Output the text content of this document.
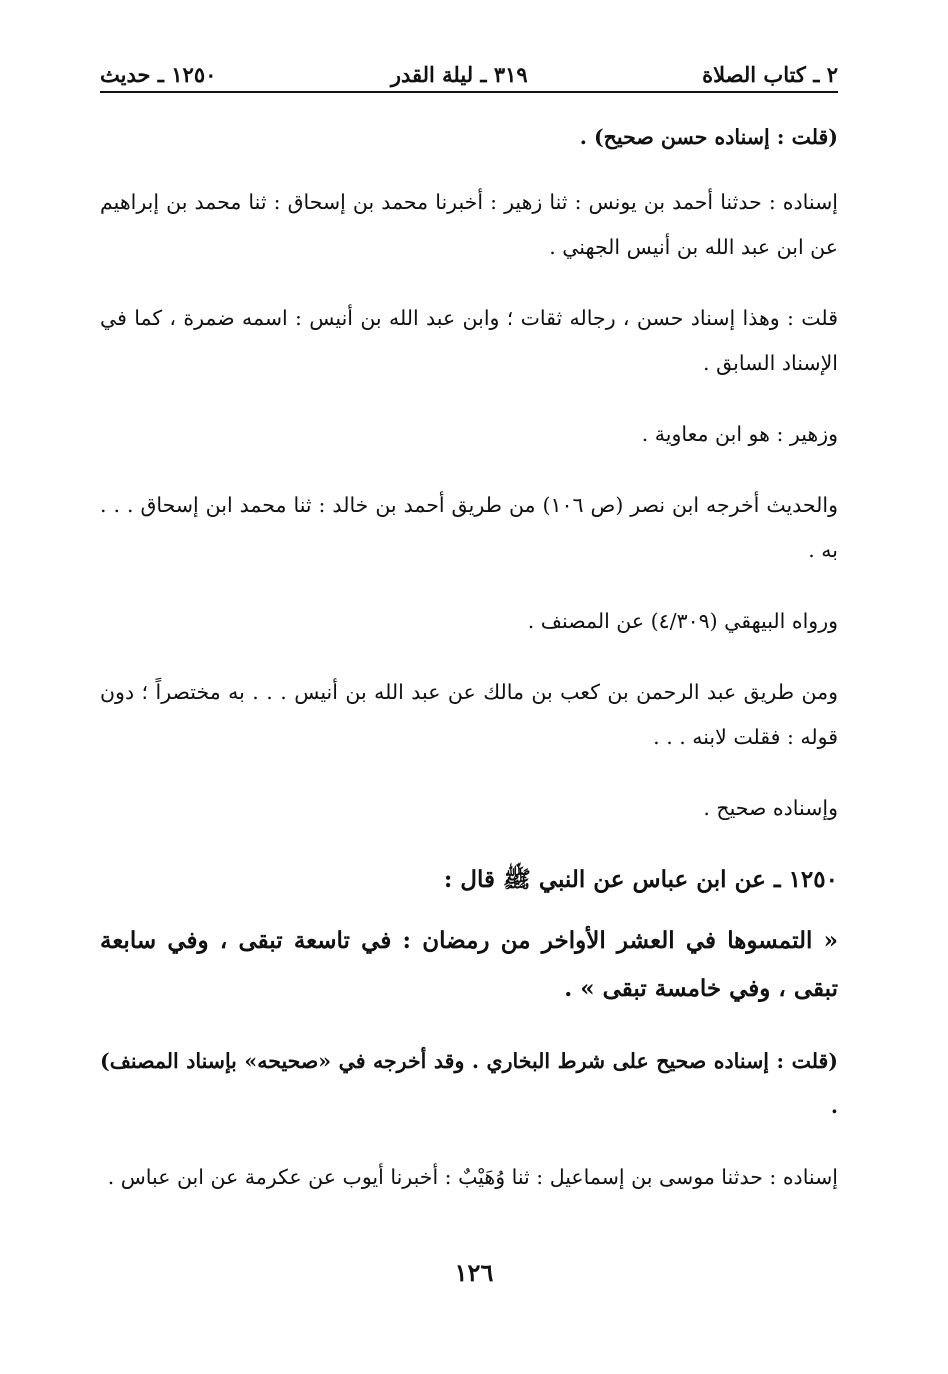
٢ ـ كتاب الصلاة
٣١٩ ـ ليلة القدر
١٢٥٠ ـ حديث

(قلت : إسناده حسن صحيح) .

إسناده : حدثنا أحمد بن يونس : ثنا زهير : أخبرنا محمد بن إسحاق : ثنا محمد بن إبراهيم عن ابن عبد الله بن أنيس الجهني .

قلت : وهذا إسناد حسن ، رجاله ثقات ؛ وابن عبد الله بن أنيس : اسمه ضمرة ، كما في الإسناد السابق .

وزهير : هو ابن معاوية .

والحديث أخرجه ابن نصر (ص ١٠٦) من طريق أحمد بن خالد : ثنا محمد ابن إسحاق . . . به .

ورواه البيهقي (٤/٣٠٩) عن المصنف .

ومن طريق عبد الرحمن بن كعب بن مالك عن عبد الله بن أنيس . . . به مختصراً ؛ دون قوله : فقلت لابنه . . .

وإسناده صحيح .

١٢٥٠ ـ عن ابن عباس عن النبي ﷺ قال :

« التمسوها في العشر الأواخر من رمضان : في تاسعة تبقى ، وفي سابعة تبقى ، وفي خامسة تبقى » .

(قلت : إسناده صحيح على شرط البخاري . وقد أخرجه في «صحيحه» بإسناد المصنف) .

إسناده : حدثنا موسى بن إسماعيل : ثنا وُهَيْبٌ : أخبرنا أيوب عن عكرمة عن ابن عباس .

١٢٦
